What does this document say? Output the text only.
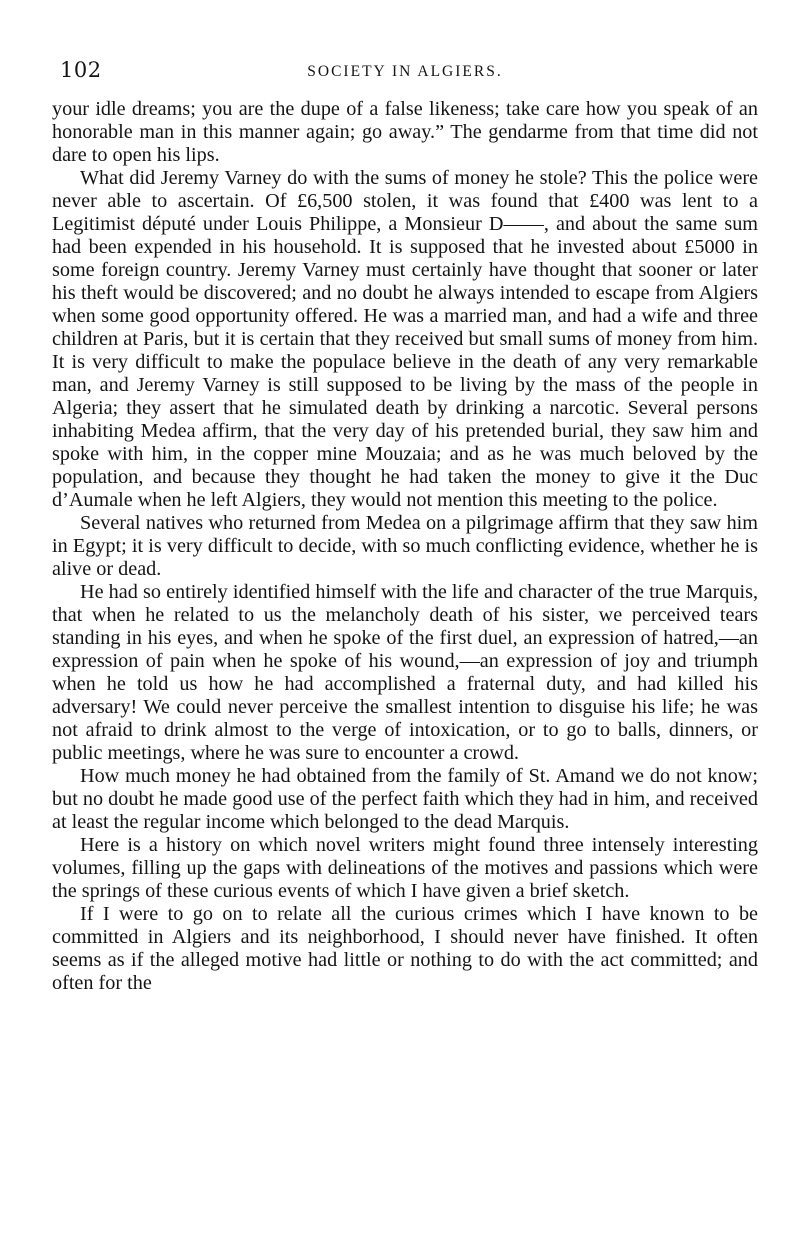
102	SOCIETY IN ALGIERS.

your idle dreams; you are the dupe of a false likeness; take care how you speak of an honorable man in this manner again; go away.” The gendarme from that time did not dare to open his lips.

What did Jeremy Varney do with the sums of money he stole? This the police were never able to ascertain. Of £6,500 stolen, it was found that £400 was lent to a Legitimist député under Louis Philippe, a Monsieur D——, and about the same sum had been expended in his household. It is supposed that he invested about £5000 in some foreign country. Jeremy Varney must certainly have thought that sooner or later his theft would be discovered; and no doubt he always intended to escape from Algiers when some good opportunity offered. He was a married man, and had a wife and three children at Paris, but it is certain that they received but small sums of money from him. It is very difficult to make the populace believe in the death of any very remarkable man, and Jeremy Varney is still supposed to be living by the mass of the people in Algeria; they assert that he simulated death by drinking a narcotic. Several persons inhabiting Medea affirm, that the very day of his pretended burial, they saw him and spoke with him, in the copper mine Mouzaia; and as he was much beloved by the population, and because they thought he had taken the money to give it the Duc d’Aumale when he left Algiers, they would not mention this meeting to the police.

Several natives who returned from Medea on a pilgrimage affirm that they saw him in Egypt; it is very difficult to decide, with so much conflicting evidence, whether he is alive or dead.

He had so entirely identified himself with the life and character of the true Marquis, that when he related to us the melancholy death of his sister, we perceived tears standing in his eyes, and when he spoke of the first duel, an expression of hatred,—an expression of pain when he spoke of his wound,—an expression of joy and triumph when he told us how he had accomplished a fraternal duty, and had killed his adversary! We could never perceive the smallest intention to disguise his life; he was not afraid to drink almost to the verge of intoxication, or to go to balls, dinners, or public meetings, where he was sure to encounter a crowd.

How much money he had obtained from the family of St. Amand we do not know; but no doubt he made good use of the perfect faith which they had in him, and received at least the regular income which belonged to the dead Marquis.

Here is a history on which novel writers might found three intensely interesting volumes, filling up the gaps with delineations of the motives and passions which were the springs of these curious events of which I have given a brief sketch.

If I were to go on to relate all the curious crimes which I have known to be committed in Algiers and its neighborhood, I should never have finished. It often seems as if the alleged motive had little or nothing to do with the act committed; and often for the
